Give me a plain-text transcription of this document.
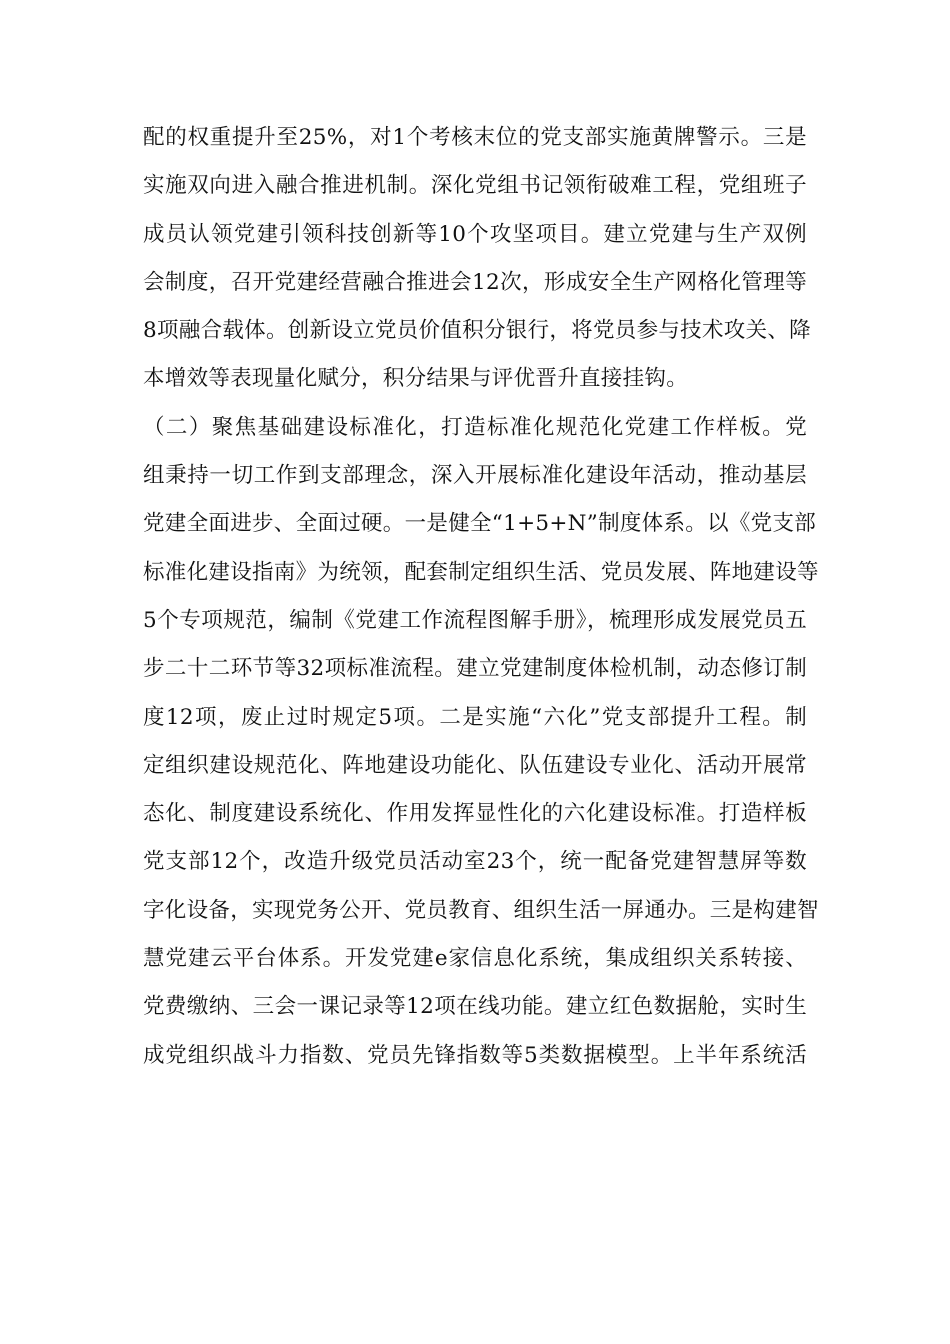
配的权重提升至25%，对1个考核末位的党支部实施黄牌警示。三是
实施双向进入融合推进机制。深化党组书记领衔破难工程，党组班子
成员认领党建引领科技创新等10个攻坚项目。建立党建与生产双例
会制度，召开党建经营融合推进会12次，形成安全生产网格化管理等
8项融合载体。创新设立党员价值积分银行，将党员参与技术攻关、降
本增效等表现量化赋分，积分结果与评优晋升直接挂钩。
（二）聚焦基础建设标准化，打造标准化规范化党建工作样板。党
组秉持一切工作到支部理念，深入开展标准化建设年活动，推动基层
党建全面进步、全面过硬。一是健全“1+5+N”制度体系。以《党支部
标准化建设指南》为统领，配套制定组织生活、党员发展、阵地建设等
5个专项规范，编制《党建工作流程图解手册》，梳理形成发展党员五
步二十二环节等32项标准流程。建立党建制度体检机制，动态修订制
度12项，废止过时规定5项。二是实施“六化”党支部提升工程。制
定组织建设规范化、阵地建设功能化、队伍建设专业化、活动开展常
态化、制度建设系统化、作用发挥显性化的六化建设标准。打造样板
党支部12个，改造升级党员活动室23个，统一配备党建智慧屏等数
字化设备，实现党务公开、党员教育、组织生活一屏通办。三是构建智
慧党建云平台体系。开发党建e家信息化系统，集成组织关系转接、
党费缴纳、三会一课记录等12项在线功能。建立红色数据舱，实时生
成党组织战斗力指数、党员先锋指数等5类数据模型。上半年系统活
